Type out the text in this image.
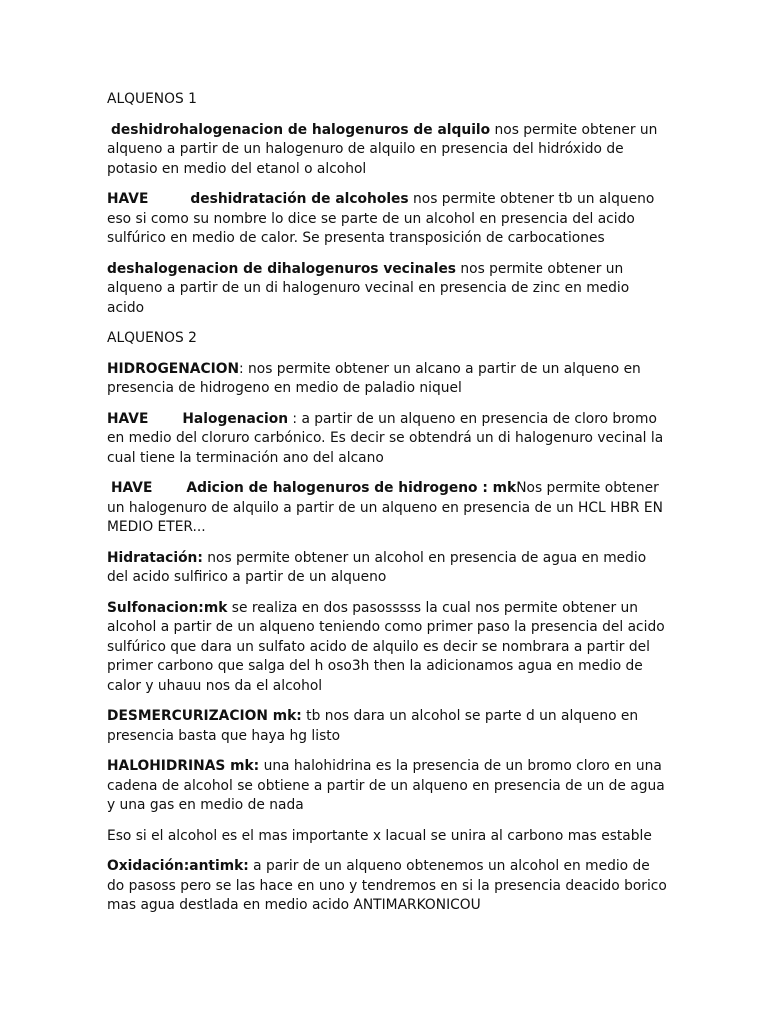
ALQUENOS 1

deshidrohalogenacion de halogenuros de alquilo nos permite obtener un alqueno a partir de un halogenuro de alquilo en presencia del hidróxido de potasio en medio del etanol o alcohol

HAVE	deshidratación de alcoholes nos permite obtener tb un alqueno eso si como su nombre lo dice se parte de un alcohol en presencia del acido sulfúrico en medio de calor. Se presenta transposición de carbocationes

deshalogenacion de dihalogenuros vecinales nos permite obtener un alqueno a partir de un di halogenuro vecinal en presencia de zinc en medio acido

ALQUENOS 2

HIDROGENACION: nos permite obtener un alcano a partir de un alqueno en presencia de hidrogeno en medio de paladio niquel

HAVE Halogenacion : a partir de un alqueno en presencia de cloro bromo en medio del cloruro carbónico. Es decir se obtendrá un di halogenuro vecinal la cual tiene la terminación ano del alcano

HAVE Adicion de halogenuros de hidrogeno : mkNos permite obtener un halogenuro de alquilo a partir de un alqueno en presencia de un HCL HBR EN MEDIO ETER...

Hidratación: nos permite obtener un alcohol en presencia de agua en medio del acido sulfirico a partir de un alqueno

Sulfonacion:mk se realiza en dos pasosssss la cual nos permite obtener un alcohol a partir de un alqueno teniendo como primer paso la presencia del acido sulfúrico que dara un sulfato acido de alquilo es decir se nombrara a partir del primer carbono que salga del h oso3h then la adicionamos agua en medio de calor y uhauu nos da el alcohol

DESMERCURIZACION mk: tb nos dara un alcohol se parte d un alqueno en presencia basta que haya hg listo

HALOHIDRINAS mk: una halohidrina es la presencia de un bromo cloro en una cadena de alcohol se obtiene a partir de un alqueno en presencia de un de agua y una gas en medio de nada

Eso si el alcohol es el mas importante x lacual se unira al carbono mas estable

Oxidación:antimk: a parir de un alqueno obtenemos un alcohol en medio de do pasoss pero se las hace en uno y tendremos en si la presencia deacido borico mas agua destlada en medio acido ANTIMARKONICOU
